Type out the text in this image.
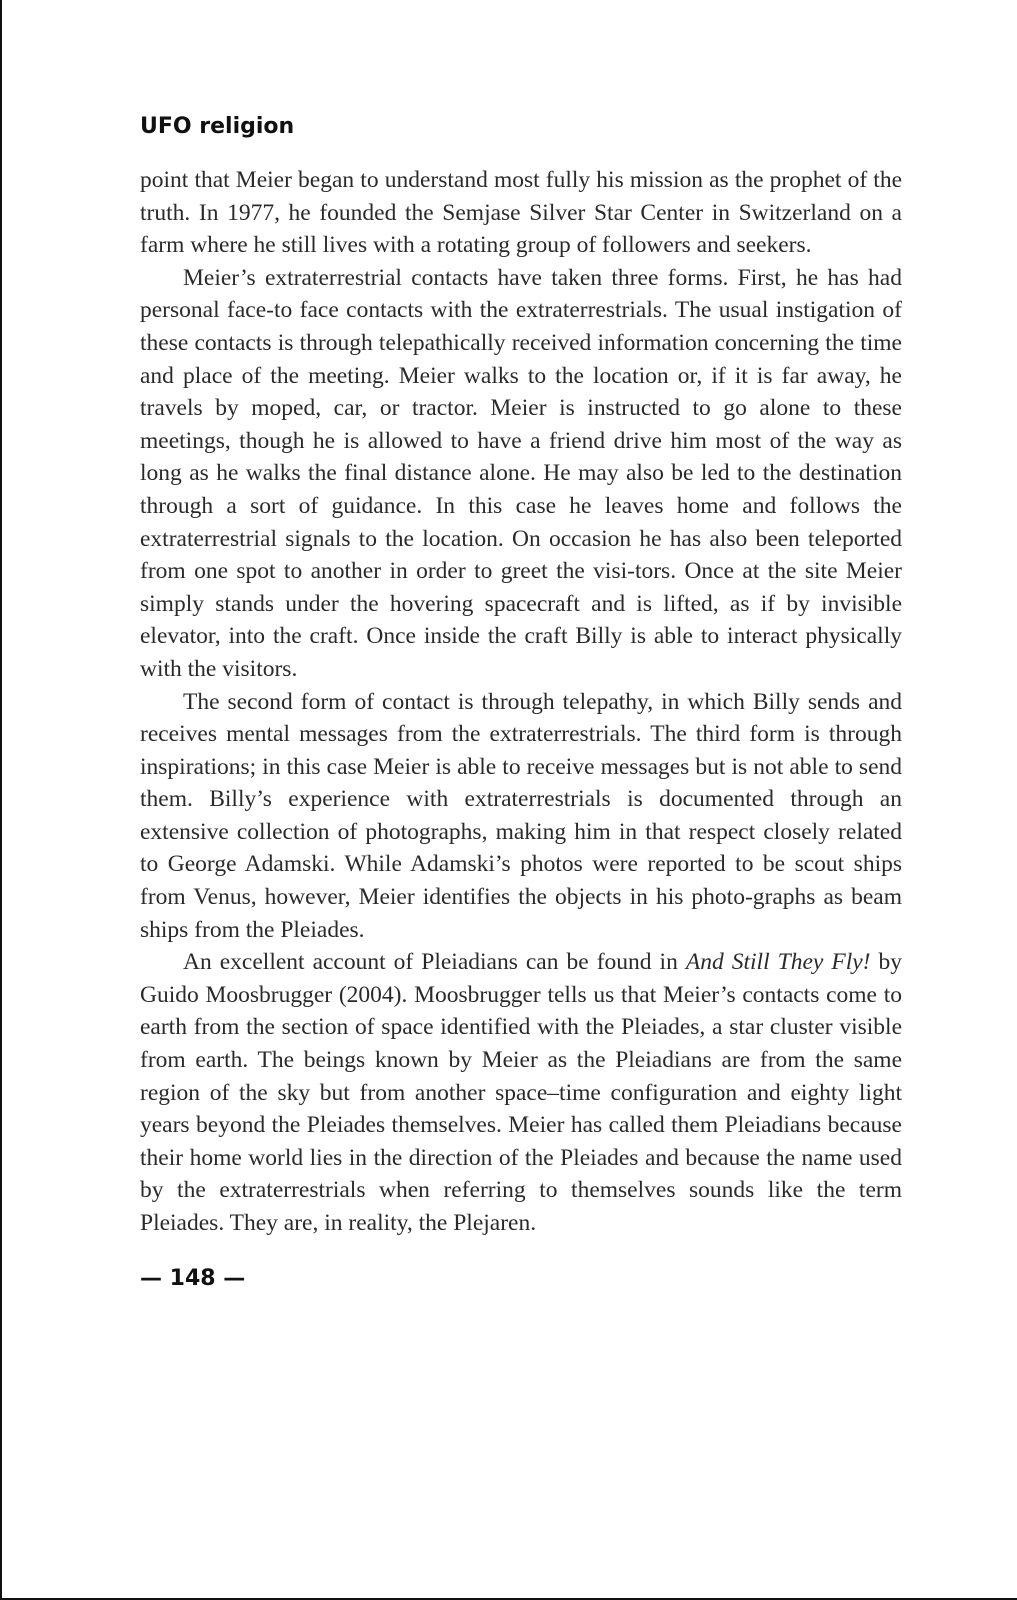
UFO religion

point that Meier began to understand most fully his mission as the prophet of the truth. In 1977, he founded the Semjase Silver Star Center in Switzerland on a farm where he still lives with a rotating group of followers and seekers.

Meier’s extraterrestrial contacts have taken three forms. First, he has had personal face-to face contacts with the extraterrestrials. The usual instigation of these contacts is through telepathically received information concerning the time and place of the meeting. Meier walks to the location or, if it is far away, he travels by moped, car, or tractor. Meier is instructed to go alone to these meetings, though he is allowed to have a friend drive him most of the way as long as he walks the final distance alone. He may also be led to the destination through a sort of guidance. In this case he leaves home and follows the extraterrestrial signals to the location. On occasion he has also been teleported from one spot to another in order to greet the visi-tors. Once at the site Meier simply stands under the hovering spacecraft and is lifted, as if by invisible elevator, into the craft. Once inside the craft Billy is able to interact physically with the visitors.

The second form of contact is through telepathy, in which Billy sends and receives mental messages from the extraterrestrials. The third form is through inspirations; in this case Meier is able to receive messages but is not able to send them. Billy’s experience with extraterrestrials is documented through an extensive collection of photographs, making him in that respect closely related to George Adamski. While Adamski’s photos were reported to be scout ships from Venus, however, Meier identifies the objects in his photo-graphs as beam ships from the Pleiades.

An excellent account of Pleiadians can be found in And Still They Fly! by Guido Moosbrugger (2004). Moosbrugger tells us that Meier’s contacts come to earth from the section of space identified with the Pleiades, a star cluster visible from earth. The beings known by Meier as the Pleiadians are from the same region of the sky but from another space–time configuration and eighty light years beyond the Pleiades themselves. Meier has called them Pleiadians because their home world lies in the direction of the Pleiades and because the name used by the extraterrestrials when referring to themselves sounds like the term Pleiades. They are, in reality, the Plejaren.

— 148 —
